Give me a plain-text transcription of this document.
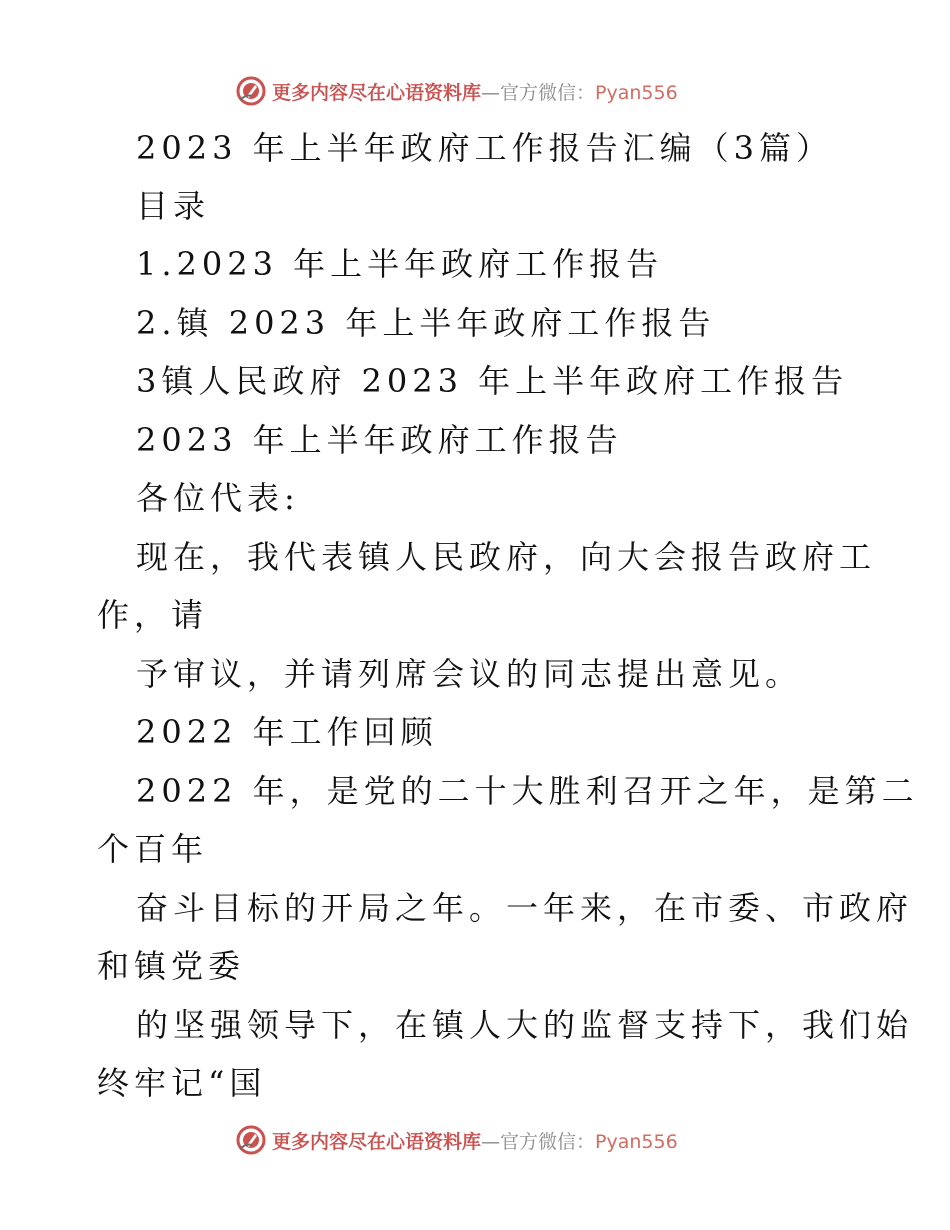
更多内容尽在心语资料库—官方微信：Pyan556
2023 年上半年政府工作报告汇编（3篇）
目录
1.2023 年上半年政府工作报告
2.镇 2023 年上半年政府工作报告
3镇人民政府 2023 年上半年政府工作报告
2023 年上半年政府工作报告
各位代表:
现在，我代表镇人民政府，向大会报告政府工
作，请
予审议，并请列席会议的同志提出意见。
2022 年工作回顾
2022 年，是党的二十大胜利召开之年，是第二
个百年
奋斗目标的开局之年。一年来，在市委、市政府
和镇党委
的坚强领导下，在镇人大的监督支持下，我们始
终牢记“国
更多内容尽在心语资料库—官方微信：Pyan556
